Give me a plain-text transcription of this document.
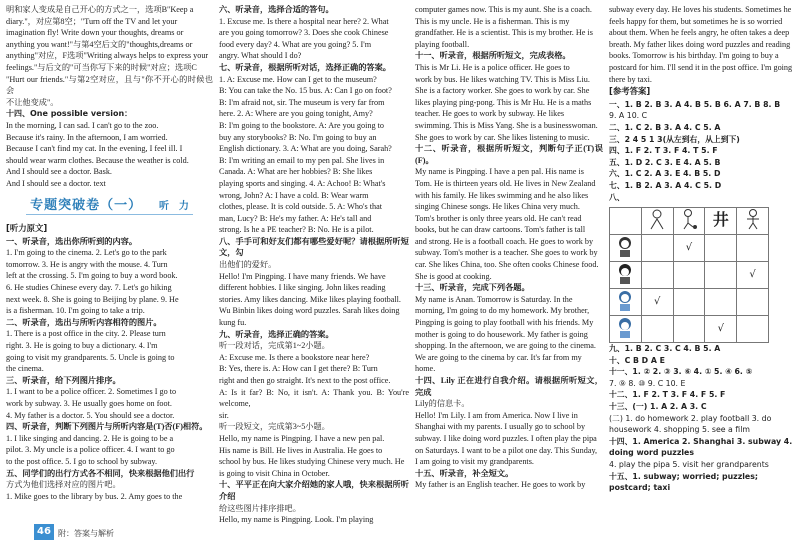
明和家人变成是自己开心的方式之一，选项B"Keep a
diary."，对应第8空；"Turn off the TV and let your
imagination fly! Write down your thoughts, dreams or
anything you want!"与第4空后文的"thoughts,dreams or
anything"对应，F选项"Writing always helps to express your
feelings."与后文的"可当你写下来的时候"对应；选项C
"Hurt our friends."与第2空对应，且与"你不开心的时候也会
不让他变成"。
十四、One possible version：
In the morning, I can sad. I can't go to the zoo.
Because it's rainy. In the afternoon, I am worried.
Because I can't find my cat. In the evening, I feel ill. I
should wear warm clothes. Because the weather is cold.
And I should see a doctor. Bask.
And I should see a doctor. text
专题突破卷（一） 听　力
[听力原文]
一、听录音，选出你所听到的内容。
1. I'm going to the cinema. 2. Let's go to the park
tomorrow. 3. He is angry with the mouse. 4. Turn
left at the crossing. 5. I'm going to buy a word book.
6. He studies Chinese every day. 7. Let's go hiking
next week. 8. She is going to Beijing by plane. 9. He
is a fisherman. 10. I'm going to take a trip.
二、听录音，选出与所听内容相符的图片。
1. There is a post office in the city. 2. Please turn
right. 3. He is going to buy a dictionary. 4. I'm
going to visit my grandparents. 5. Uncle is going to
the cinema.
三、听录音，给下列图片排序。
1. I want to be a police officer. 2. Sometimes I go to
work by subway. 3. He usually goes home on foot.
4. My father is a doctor. 5. You should see a doctor.
四、听录音，判断下列图片与所听内容是(T)否(F)相符。
1. I like singing and dancing. 2. He is going to be a
pilot. 3. My uncle is a police officer. 4. I want to go
to the post office. 5. I go to school by subway.
五、同学们的出行方式各不相同，快来根据他们出行
方式为他们选择对应的图片吧。
1. Mike goes to the library by bus. 2. Amy goes to the
六、听录音，选择合适的答句。
1. Excuse me. Is there a hospital near here? 2. What
are you going tomorrow? 3. Does she cook Chinese
food every day? 4. What are you going? 5. I'm
angry. What should I do?
七、听录音，根据所听对话，选择正确的答案。
1. A: Excuse me. How can I get to the museum?
B: You can take the No. 15 bus. A: Can I go on foot?
B: I'm afraid not, sir. The museum is very far from
here. 2. A: Where are you going tonight, Amy?
B: I'm going to the bookstore. A: Are you going to
buy any storybooks? B: No. I'm going to buy an
English dictionary. 3. A: What are you doing, Sarah?
B: I'm writing an email to my pen pal. She lives in
Canada. A: What are her hobbies? B: She likes
playing sports and singing. 4. A: Achoo! B: What's
wrong, John? A: I have a cold. B: Wear warm
clothes, please. It is cold outside. 5. A: Who's that
man, Lucy? B: He's my father. A: He's tall and
strong. Is he a PE teacher? B: No. He is a pilot.
八、手手可和好友们都有哪些爱好呢？请根据所听短文，勾
出他们的爱好。
Hello! I'm Pingping. I have many friends. We have
different hobbies. I like singing. John likes reading
stories. Amy likes dancing. Mike likes playing football.
Wu Binbin likes doing word puzzles. Sarah likes doing
kung fu.
九、听录音，选择正确的答案。
听一段对话，完成第1~2小题。
A: Excuse me. Is there a bookstore near here?
B: Yes, there is. A: How can I get there? B: Turn
right and then go straight. It's next to the post office.
A: Is it far? B: No, it isn't. A: Thank you. B: You're welcome,
sir.
听一段短文，完成第3~5小题。
Hello, my name is Pingping. I have a new pen pal.
His name is Bill. He lives in Australia. He goes to
school by bus. He likes studying Chinese very much. He
is going to visit China in October.
十、平平正在向大家介绍她的家人哦，快来根据所听介绍
给这些图片排序排吧。
Hello, my name is Pingping. Look. I'm playing
computer games now. This is my aunt. She is a coach.
This is my uncle. He is a fisherman. This is my
grandfather. He is a scientist. This is my brother. He is
playing football.
十一、听录音，根据所听短文，完成表格。
This is Mr Li. He is a police officer. He goes to
work by bus. He likes watching TV. This is Miss Liu.
She is a factory worker. She goes to work by car. She
likes playing ping-pong. This is Mr Hu. He is a maths
teacher. He goes to work by subway. He likes
swimming. This is Miss Yang. She is a businesswoman.
She goes to work by car. She likes listening to music.
十二、听录音，根据所听短文，判断句子正(T)误(F)。
My name is Pingping. I have a pen pal. His name is
Tom. He is thirteen years old. He lives in New Zealand
with his family. He likes swimming and he also likes
singing Chinese songs. He likes China very much.
Tom's brother is only three years old. He can't read
books, but he can draw cartoons. Tom's father is tall
and strong. He is a football coach. He goes to work by
subway. Tom's mother is a teacher. She goes to work by
car. She likes China, too. She often cooks Chinese food.
She is good at cooking.
十三、听录音，完成下列各题。
My name is Anan. Tomorrow is Saturday. In the
morning, I'm going to do my homework. My brother,
Pingping is going to play football with his friends. My
mother is going to do housework. My father is going
shopping. In the afternoon, we are going to the cinema.
We are going to the cinema by car. It's far from my
home.
十四、Lily 正在进行自我介绍。请根据所听短文，完成
Lily的信息卡。
Hello! I'm Lily. I am from America. Now I live in
Shanghai with my parents. I usually go to school by
subway. I like doing word puzzles. I often play the pipa
on Saturdays. I want to be a pilot one day. This Sunday,
I am going to visit my grandparents.
十五、听录音，补全短文。
My father is an English teacher. He goes to work by
subway every day. He loves his students. Sometimes he
feels happy for them, but sometimes he is so worried
about them. When he feels angry, he often takes a deep
breath. My father likes doing word puzzles and reading
books. Tomorrow is his birthday. I'm going to buy a
postcard for him. I'll send it in the post office. I'm going
there by taxi.
[参考答案]
一、1. B 2. B 3. A 4. B 5. B 6. A 7. B 8. B
9. A 10. C
二、1. C 2. B 3. A 4. C 5. A
三、2 4 5 1 3(从左到右，从上到下)
四、1. F 2. T 3. F 4. T 5. F
五、1. D 2. C 3. E 4. A 5. B
六、1. C 2. A 3. E 4. B 5. D
七、1. B 2. A 3. A 4. C 5. D
八、
			井	
		√		
				√
	√			
			√	
九、1. B 2. C 3. C 4. B 5. A
十、C B D A E
十一、1. ② 2. ③ 3. ⑥ 4. ① 5. ④ 6. ⑤
7. ⑨ 8. ⑩ 9. C 10. E
十二、1. F 2. T 3. F 4. F 5. F
十三、(一) 1. A 2. A 3. C
(二) 1. do homework 2. play football 3. do
housework 4. shopping 5. see a film
十四、1. America 2. Shanghai 3. subway 4. doing word puzzles
4. play the pipa 5. visit her grandparents
十五、1. subway; worried; puzzles; postcard; taxi
46 附：答案与解析
